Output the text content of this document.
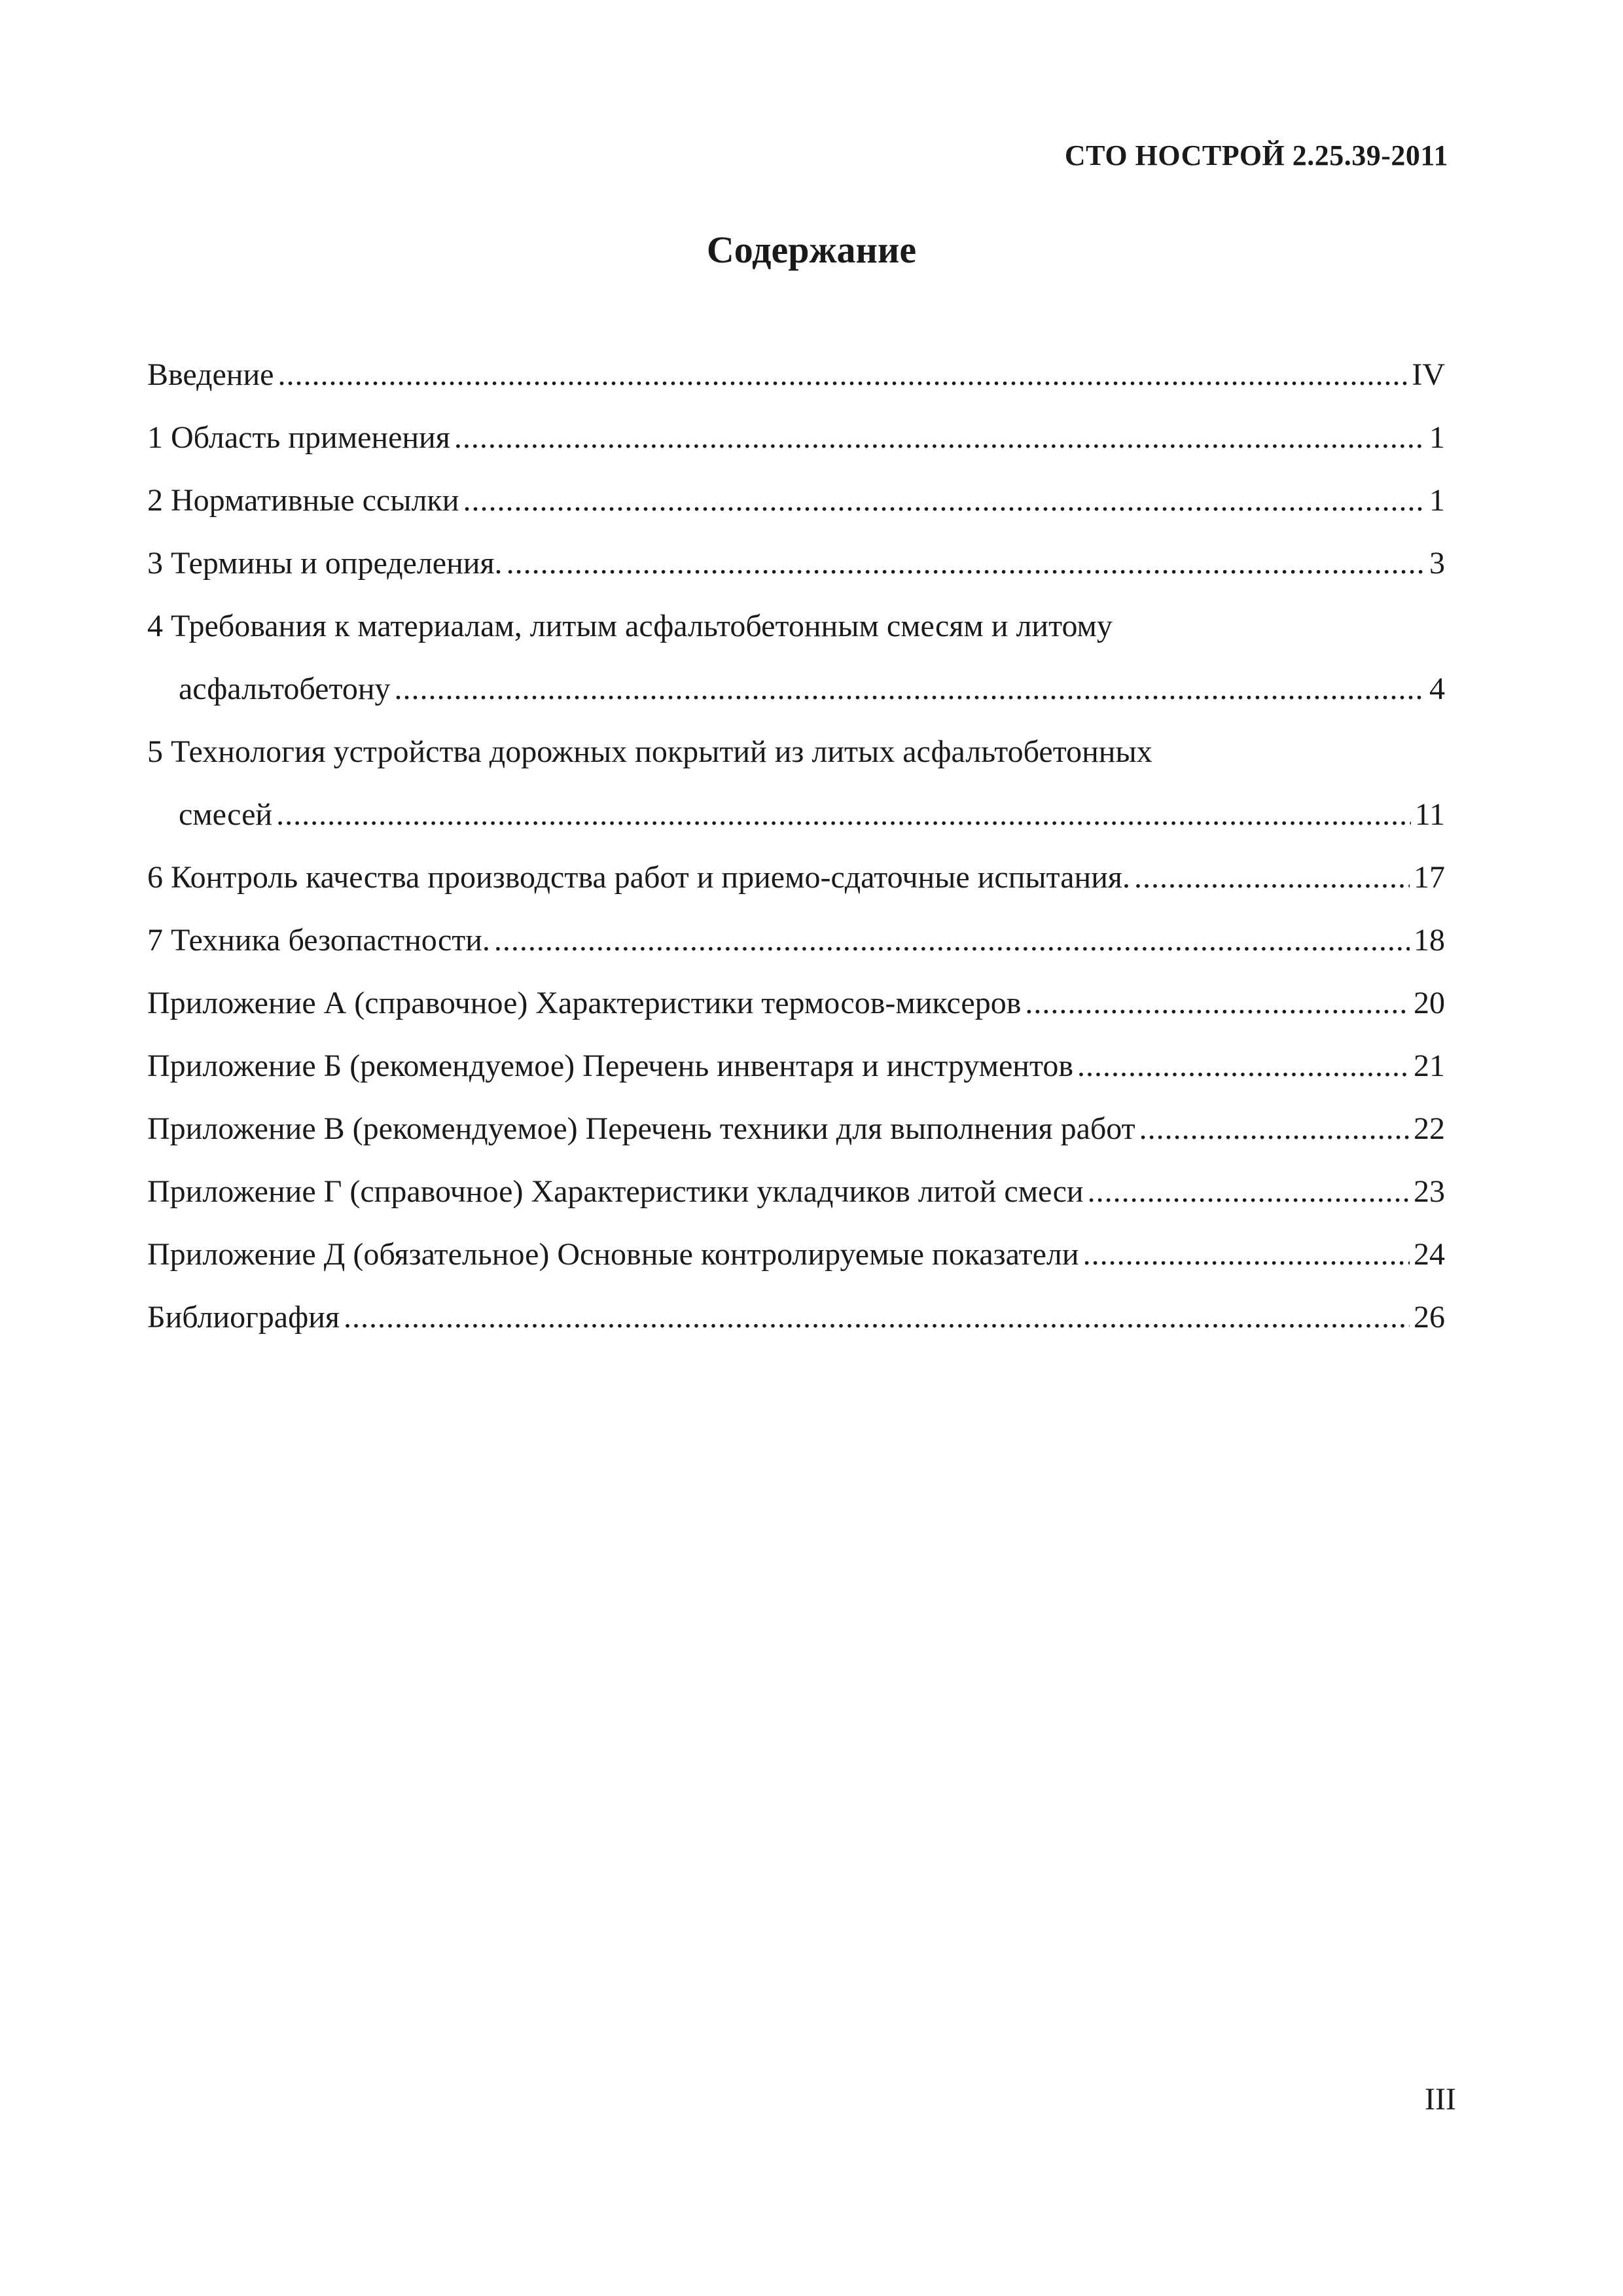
СТО НОСТРОЙ 2.25.39-2011
Содержание
Введение .....	IV
1 Область применения .....	1
2 Нормативные ссылки .....	1
3 Термины и определения. .....	3
4 Требования к материалам, литым асфальтобетонным смесям и литому
асфальтобетону .....	4
5 Технология устройства дорожных покрытий из литых асфальтобетонных
смесей .....	11
6 Контроль качества производства работ и приемо-сдаточные испытания. .....	17
7 Техника безопастности. .....	18
Приложение А (справочное) Характеристики термосов-миксеров .....	20
Приложение Б (рекомендуемое) Перечень инвентаря и инструментов .....	21
Приложение В (рекомендуемое) Перечень техники для выполнения работ .....	22
Приложение Г (справочное) Характеристики укладчиков литой смеси .....	23
Приложение Д (обязательное) Основные контролируемые показатели .....	24
Библиография .....	26
III
